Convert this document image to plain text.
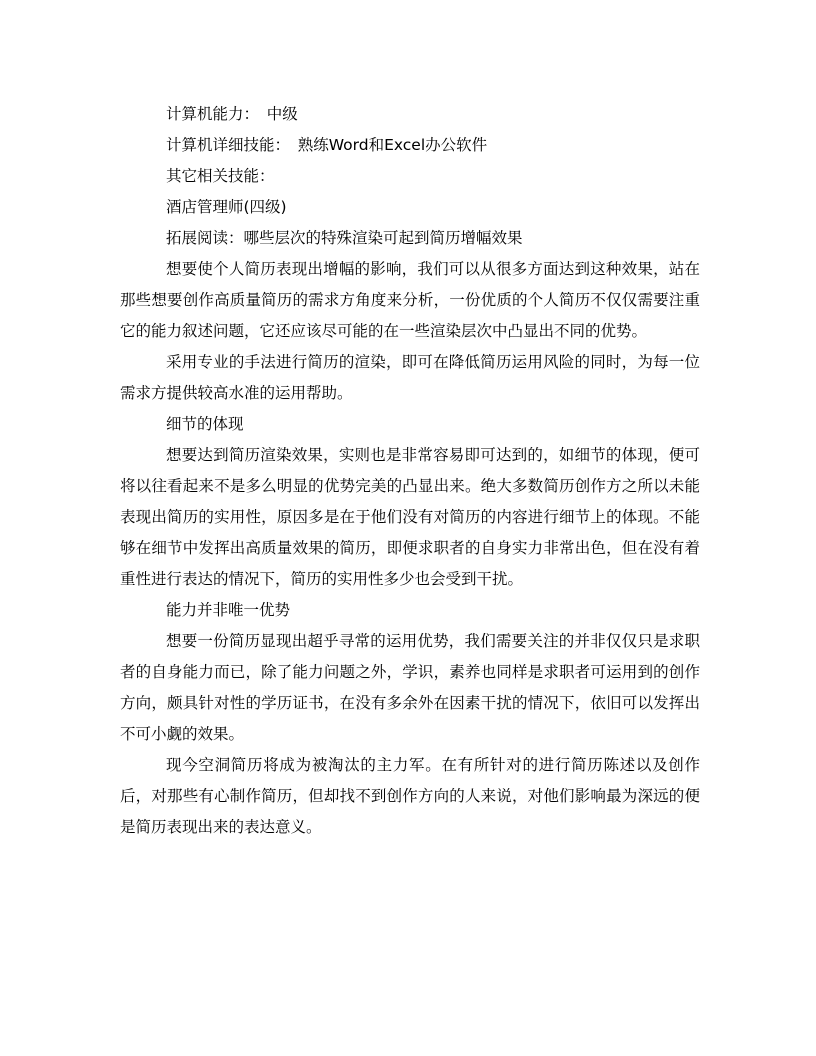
计算机能力：　中级
计算机详细技能：　熟练Word和Excel办公软件
其它相关技能：
酒店管理师(四级)
拓展阅读：哪些层次的特殊渲染可起到简历增幅效果

想要使个人简历表现出增幅的影响，我们可以从很多方面达到这种效果，站在那些想要创作高质量简历的需求方角度来分析，一份优质的个人简历不仅仅需要注重它的能力叙述问题，它还应该尽可能的在一些渲染层次中凸显出不同的优势。

采用专业的手法进行简历的渲染，即可在降低简历运用风险的同时，为每一位需求方提供较高水准的运用帮助。

细节的体现

想要达到简历渲染效果，实则也是非常容易即可达到的，如细节的体现，便可将以往看起来不是多么明显的优势完美的凸显出来。绝大多数简历创作方之所以未能表现出简历的实用性，原因多是在于他们没有对简历的内容进行细节上的体现。不能够在细节中发挥出高质量效果的简历，即便求职者的自身实力非常出色，但在没有着重性进行表达的情况下，简历的实用性多少也会受到干扰。

能力并非唯一优势

想要一份简历显现出超乎寻常的运用优势，我们需要关注的并非仅仅只是求职者的自身能力而已，除了能力问题之外，学识，素养也同样是求职者可运用到的创作方向，颇具针对性的学历证书，在没有多余外在因素干扰的情况下，依旧可以发挥出不可小觑的效果。

现今空洞简历将成为被淘汰的主力军。在有所针对的进行简历陈述以及创作后，对那些有心制作简历，但却找不到创作方向的人来说，对他们影响最为深远的便是简历表现出来的表达意义。
